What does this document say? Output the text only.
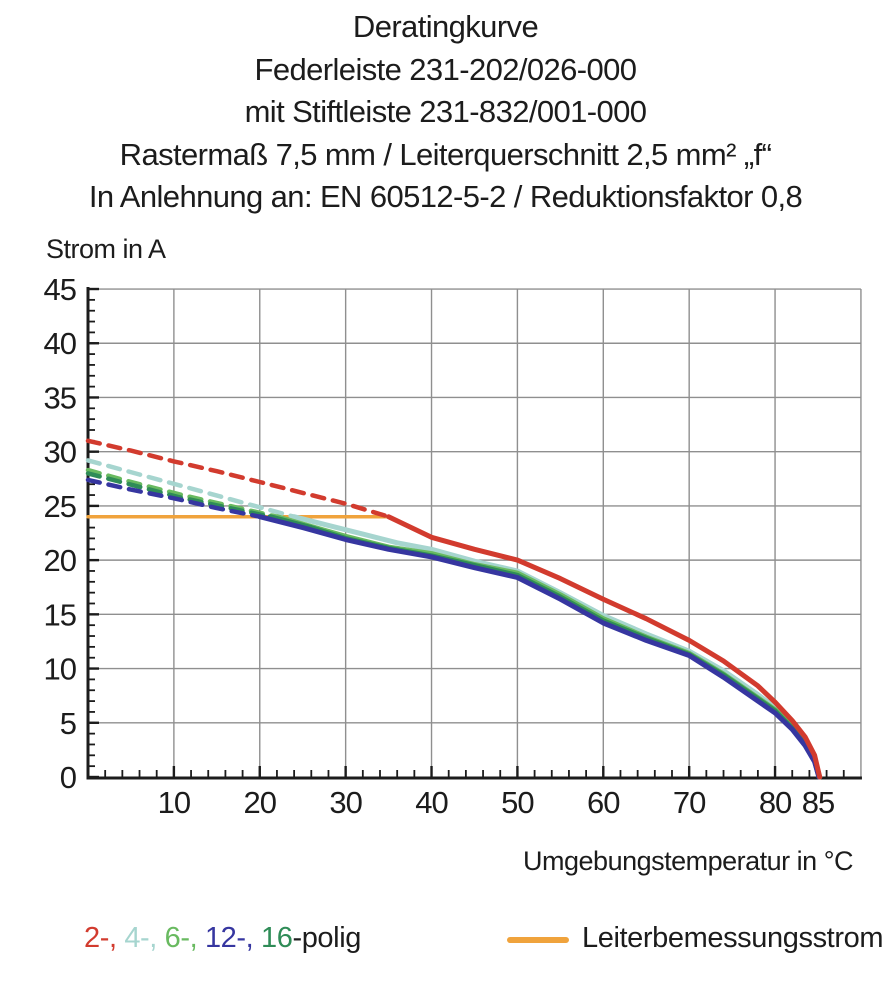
Deratingkurve
Federleiste 231-202/026-000
mit Stiftleiste 231-832/001-000
Rastermaß 7,5 mm / Leiterquerschnitt 2,5 mm² „f“
In Anlehnung an: EN 60512-5-2 / Reduktionsfaktor 0,8
0
5
10
15
20
25
30
35
40
45
10 20 30 40 50 60 70 80 85
Strom in A
Umgebungstemperatur in °C
2-, 4-, 6-, 12-, 16-polig	Leiterbemessungsstrom
